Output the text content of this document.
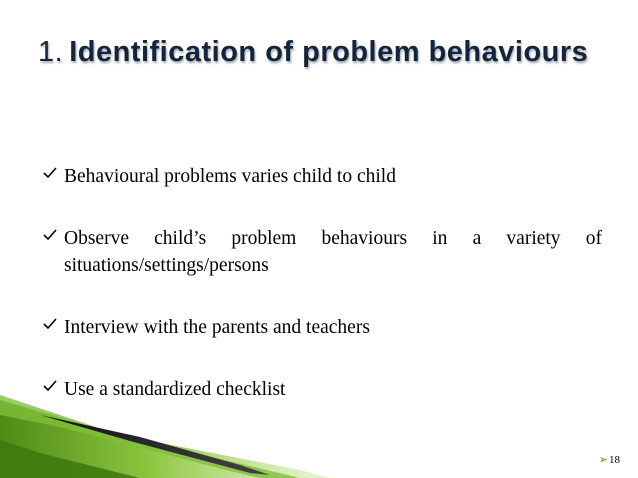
1. Identification of problem behaviours
Behavioural problems varies child to child
Observe child’s problem behaviours in a variety of situations/settings/persons
Interview with the parents and teachers
Use a standardized checklist
➢18
